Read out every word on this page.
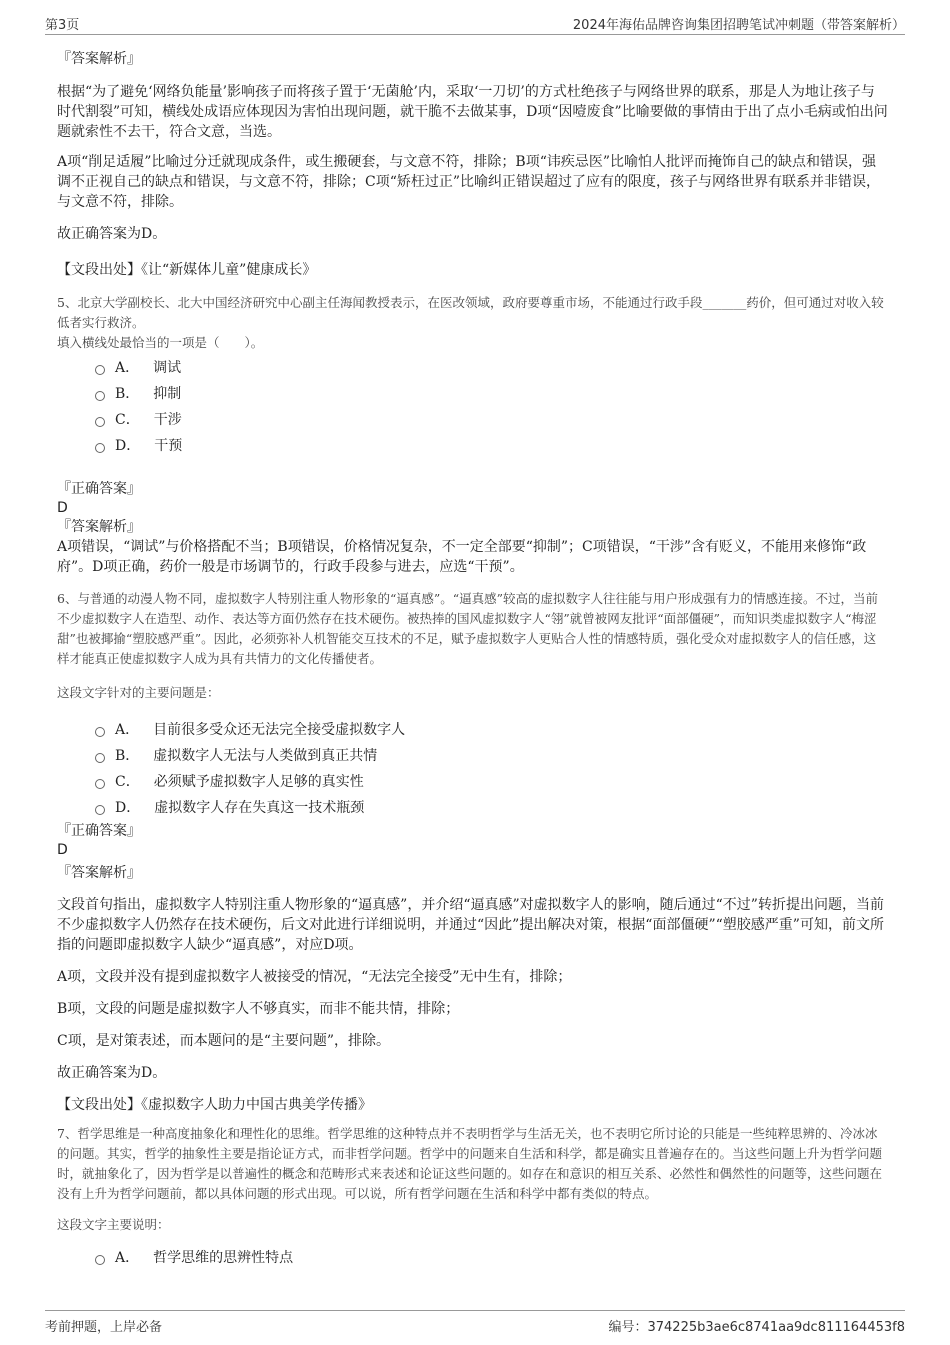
第3页	2024年海佑品牌咨询集团招聘笔试冲刺题（带答案解析）
『答案解析』

根据“为了避免‘网络负能量’影响孩子而将孩子置于‘无菌舱’内，采取‘一刀切’的方式杜绝孩子与网络世界的联系，那是人为地让孩子与时代割裂”可知，横线处成语应体现因为害怕出现问题，就干脆不去做某事，D项“因噎废食”比喻要做的事情由于出了点小毛病或怕出问题就索性不去干，符合文意，当选。

A项“削足适履”比喻过分迁就现成条件，或生搬硬套，与文意不符，排除；B项“讳疾忌医”比喻怕人批评而掩饰自己的缺点和错误，强调不正视自己的缺点和错误，与文意不符，排除；C项“矫枉过正”比喻纠正错误超过了应有的限度，孩子与网络世界有联系并非错误，与文意不符，排除。

故正确答案为D。

【文段出处】《让“新媒体儿童”健康成长》

5、北京大学副校长、北大中国经济研究中心副主任海闻教授表示，在医改领域，政府要尊重市场，不能通过行政手段_______药价，但可通过对收入较低者实行救济。

填入横线处最恰当的一项是（　　）。

A． 调试
B． 抑制
C． 干涉
D． 干预
『正确答案』
D
『答案解析』

A项错误，“调试”与价格搭配不当；B项错误，价格情况复杂，不一定全部要“抑制”；C项错误，“干涉”含有贬义，不能用来修饰“政府”。D项正确，药价一般是市场调节的，行政手段参与进去，应选“干预”。

6、与普通的动漫人物不同，虚拟数字人特别注重人物形象的“逼真感”。“逼真感”较高的虚拟数字人往往能与用户形成强有力的情感连接。不过，当前不少虚拟数字人在造型、动作、表达等方面仍然存在技术硬伤。被热捧的国风虚拟数字人“翎”就曾被网友批评“面部僵硬”，而知识类虚拟数字人“梅涩甜”也被揶揄“塑胶感严重”。因此，必须弥补人机智能交互技术的不足，赋予虚拟数字人更贴合人性的情感特质，强化受众对虚拟数字人的信任感，这样才能真正使虚拟数字人成为具有共情力的文化传播使者。

这段文字针对的主要问题是：

A． 目前很多受众还无法完全接受虚拟数字人
B． 虚拟数字人无法与人类做到真正共情
C． 必须赋予虚拟数字人足够的真实性
D． 虚拟数字人存在失真这一技术瓶颈
『正确答案』
D
『答案解析』

文段首句指出，虚拟数字人特别注重人物形象的“逼真感”，并介绍“逼真感”对虚拟数字人的影响，随后通过“不过”转折提出问题，当前不少虚拟数字人仍然存在技术硬伤，后文对此进行详细说明，并通过“因此”提出解决对策，根据“面部僵硬”“塑胶感严重”可知，前文所指的问题即虚拟数字人缺少“逼真感”，对应D项。

A项，文段并没有提到虚拟数字人被接受的情况，“无法完全接受”无中生有，排除；

B项，文段的问题是虚拟数字人不够真实，而非不能共情，排除；

C项，是对策表述，而本题问的是“主要问题”，排除。

故正确答案为D。

【文段出处】《虚拟数字人助力中国古典美学传播》

7、哲学思维是一种高度抽象化和理性化的思维。哲学思维的这种特点并不表明哲学与生活无关，也不表明它所讨论的只能是一些纯粹思辨的、冷冰冰的问题。其实，哲学的抽象性主要是指论证方式，而非哲学问题。哲学中的问题来自生活和科学，都是确实且普遍存在的。当这些问题上升为哲学问题时，就抽象化了，因为哲学是以普遍性的概念和范畴形式来表述和论证这些问题的。如存在和意识的相互关系、必然性和偶然性的问题等，这些问题在没有上升为哲学问题前，都以具体问题的形式出现。可以说，所有哲学问题在生活和科学中都有类似的特点。

这段文字主要说明：

A． 哲学思维的思辨性特点
考前押题，上岸必备	编号：374225b3ae6c8741aa9dc811164453f8
